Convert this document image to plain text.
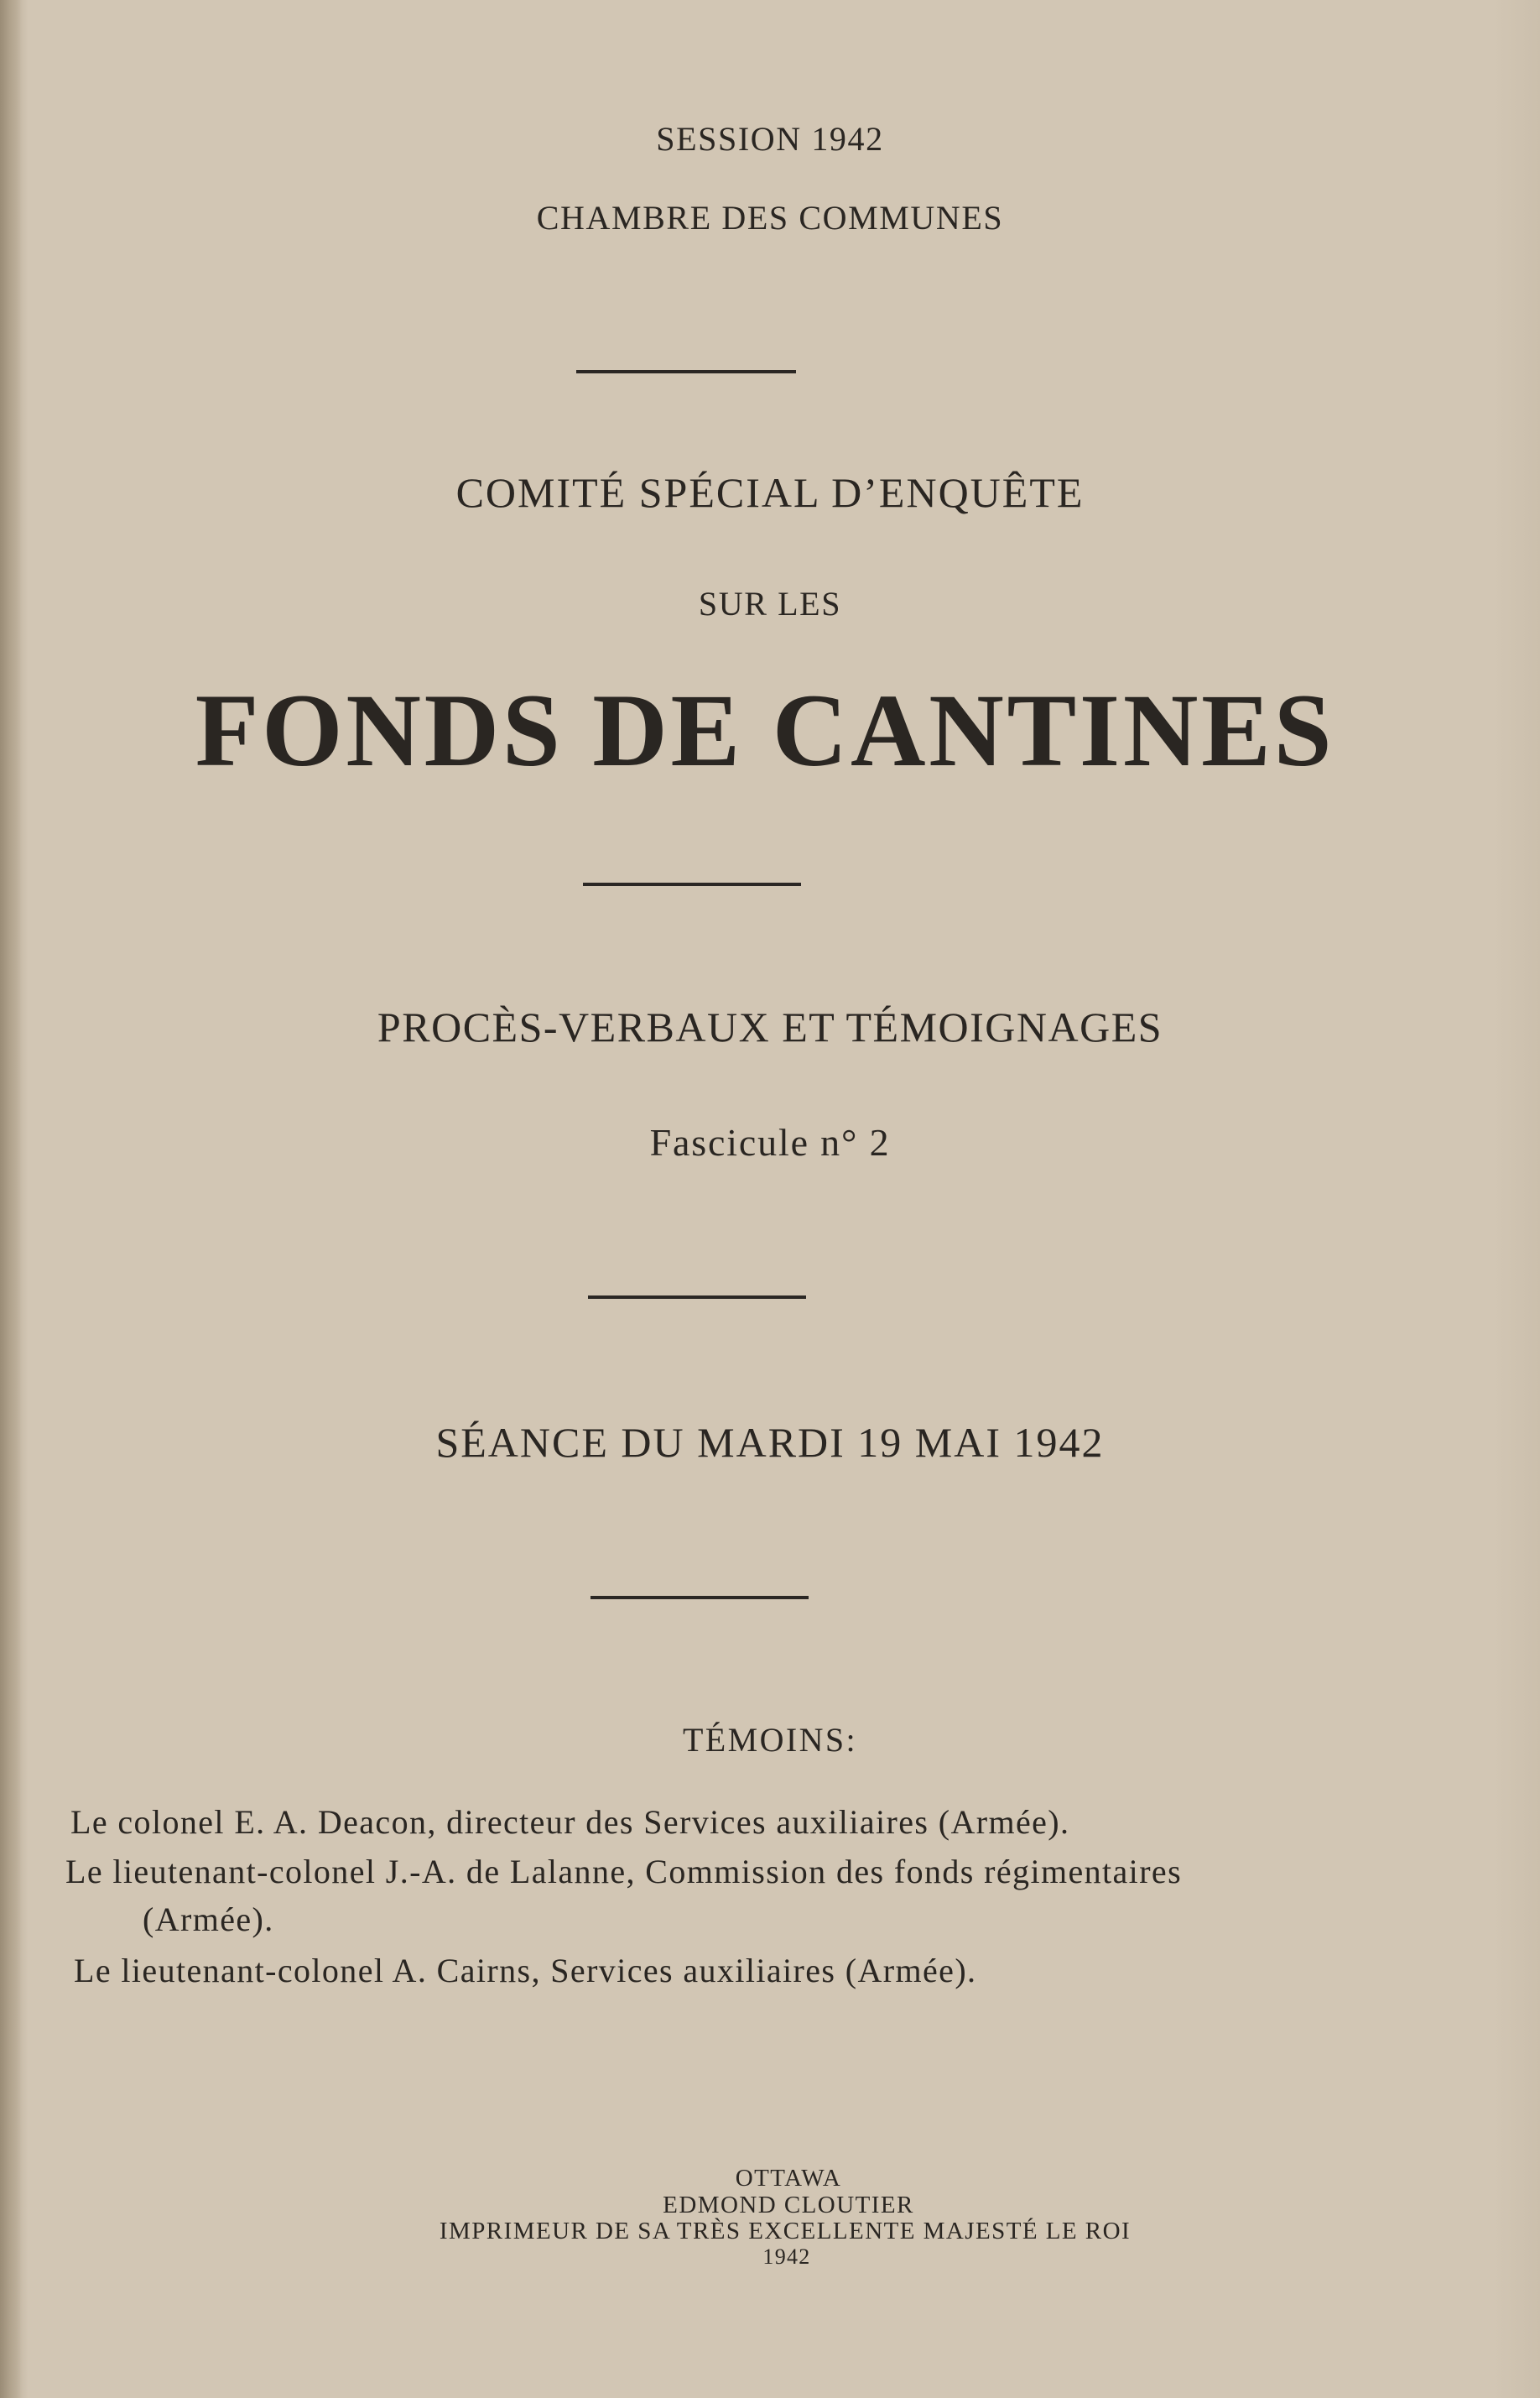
SESSION 1942
CHAMBRE DES COMMUNES
COMITÉ SPÉCIAL D’ENQUÊTE
SUR LES
FONDS DE CANTINES
PROCÈS-VERBAUX ET TÉMOIGNAGES
Fascicule n° 2
SÉANCE DU MARDI 19 MAI 1942
TÉMOINS:
Le colonel E. A. Deacon, directeur des Services auxiliaires (Armée).
Le lieutenant-colonel J.-A. de Lalanne, Commission des fonds régimentaires
(Armée).
Le lieutenant-colonel A. Cairns, Services auxiliaires (Armée).
OTTAWA
EDMOND CLOUTIER
IMPRIMEUR DE SA TRÈS EXCELLENTE MAJESTÉ LE ROI
1942
